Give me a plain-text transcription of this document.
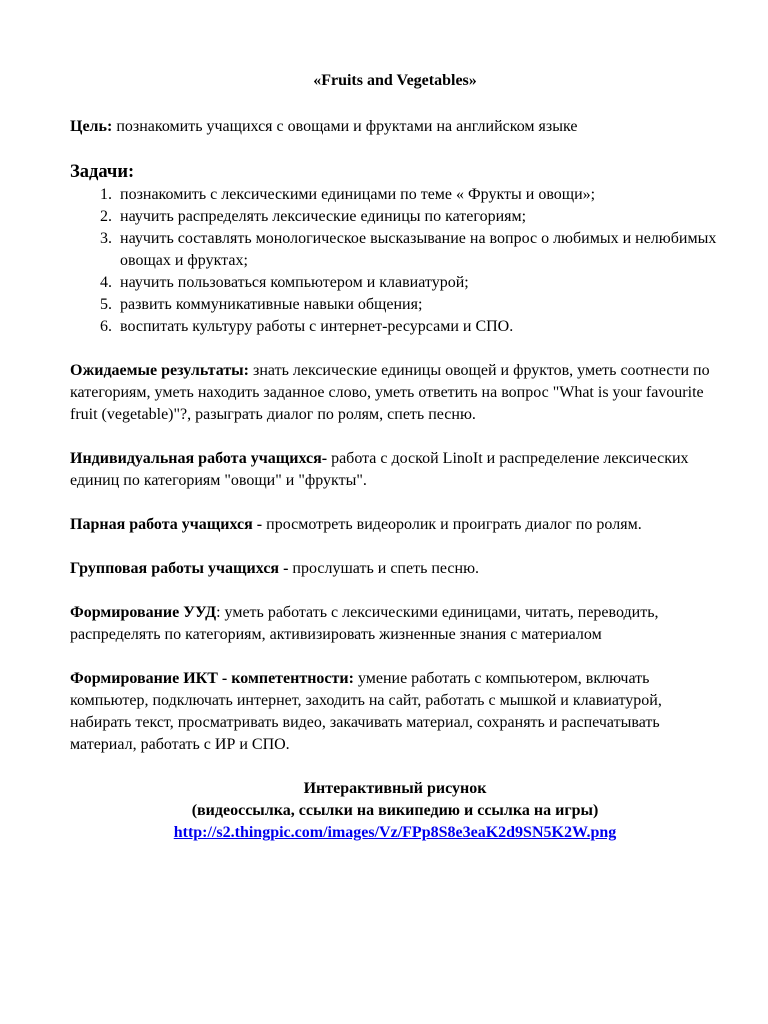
«Fruits and Vegetables»

Цель: познакомить учащихся с овощами и фруктами на английском языке

Задачи:

1. познакомить с лексическими единицами по теме « Фрукты и овощи»;
2. научить распределять лексические единицы по категориям;
3. научить составлять монологическое высказывание на вопрос о любимых и нелюбимых овощах и фруктах;
4. научить пользоваться компьютером и клавиатурой;
5. развить коммуникативные навыки общения;
6. воспитать культуру работы с интернет-ресурсами и СПО.

Ожидаемые результаты: знать лексические единицы овощей и фруктов, уметь соотнести по категориям, уметь находить заданное слово, уметь ответить на вопрос "What is your favourite fruit (vegetable)"?, разыграть диалог по ролям, спеть песню.

Индивидуальная работа учащихся- работа с доской LinoIt и распределение лексических единиц по категориям "овощи" и "фрукты".

Парная работа учащихся - просмотреть видеоролик и проиграть диалог по ролям.

Групповая работы учащихся - прослушать и спеть песню.

Формирование УУД: уметь работать с лексическими единицами, читать, переводить, распределять по категориям, активизировать жизненные знания с материалом

Формирование ИКТ - компетентности: умение работать с компьютером, включать компьютер, подключать интернет, заходить на сайт, работать с мышкой и клавиатурой, набирать текст, просматривать видео, закачивать материал, сохранять и распечатывать материал, работать с ИР и СПО.

Интерактивный рисунок
(видеоссылка, ссылки на википедию и ссылка на игры)
http://s2.thingpic.com/images/Vz/FPp8S8e3eaK2d9SN5K2W.png
